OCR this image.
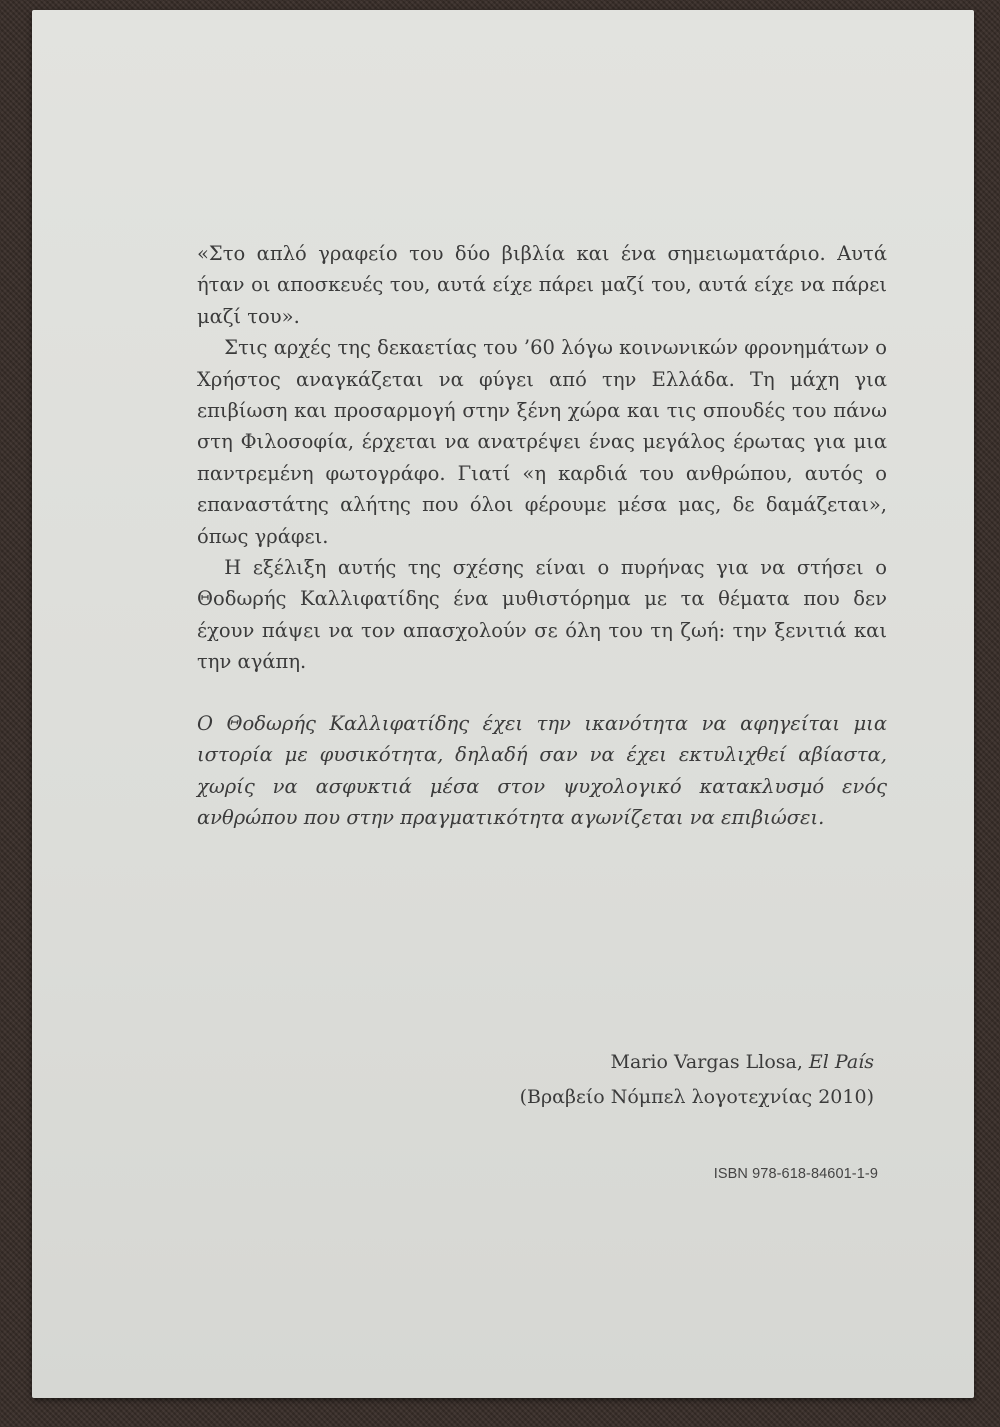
«Στο απλό γραφείο του δύο βιβλία και ένα σημειωματάριο. Αυτά ήταν οι αποσκευές του, αυτά είχε πάρει μαζί του, αυτά είχε να πάρει μαζί του».

Στις αρχές της δεκαετίας του ’60 λόγω κοινωνικών φρονημάτων ο Χρήστος αναγκάζεται να φύγει από την Ελλάδα. Τη μάχη για επιβίωση και προσαρμογή στην ξένη χώρα και τις σπουδές του πάνω στη Φιλοσοφία, έρχεται να ανατρέψει ένας μεγάλος έρωτας για μια παντρεμένη φωτογράφο. Γιατί «η καρδιά του ανθρώπου, αυτός ο επαναστάτης αλήτης που όλοι φέρουμε μέσα μας, δε δαμάζεται», όπως γράφει.

Η εξέλιξη αυτής της σχέσης είναι ο πυρήνας για να στήσει ο Θοδωρής Καλλιφατίδης ένα μυθιστόρημα με τα θέματα που δεν έχουν πάψει να τον απασχολούν σε όλη του τη ζωή: την ξενιτιά και την αγάπη.

Ο Θοδωρής Καλλιφατίδης έχει την ικανότητα να αφηγείται μια ιστορία με φυσικότητα, δηλαδή σαν να έχει εκτυλιχθεί αβίαστα, χωρίς να ασφυκτιά μέσα στον ψυχολογικό κατακλυσμό ενός ανθρώπου που στην πραγματικότητα αγωνίζεται να επιβιώσει.

Mario Vargas Llosa, El País
(Βραβείο Νόμπελ λογοτεχνίας 2010)
ISBN 978-618-84601-1-9
